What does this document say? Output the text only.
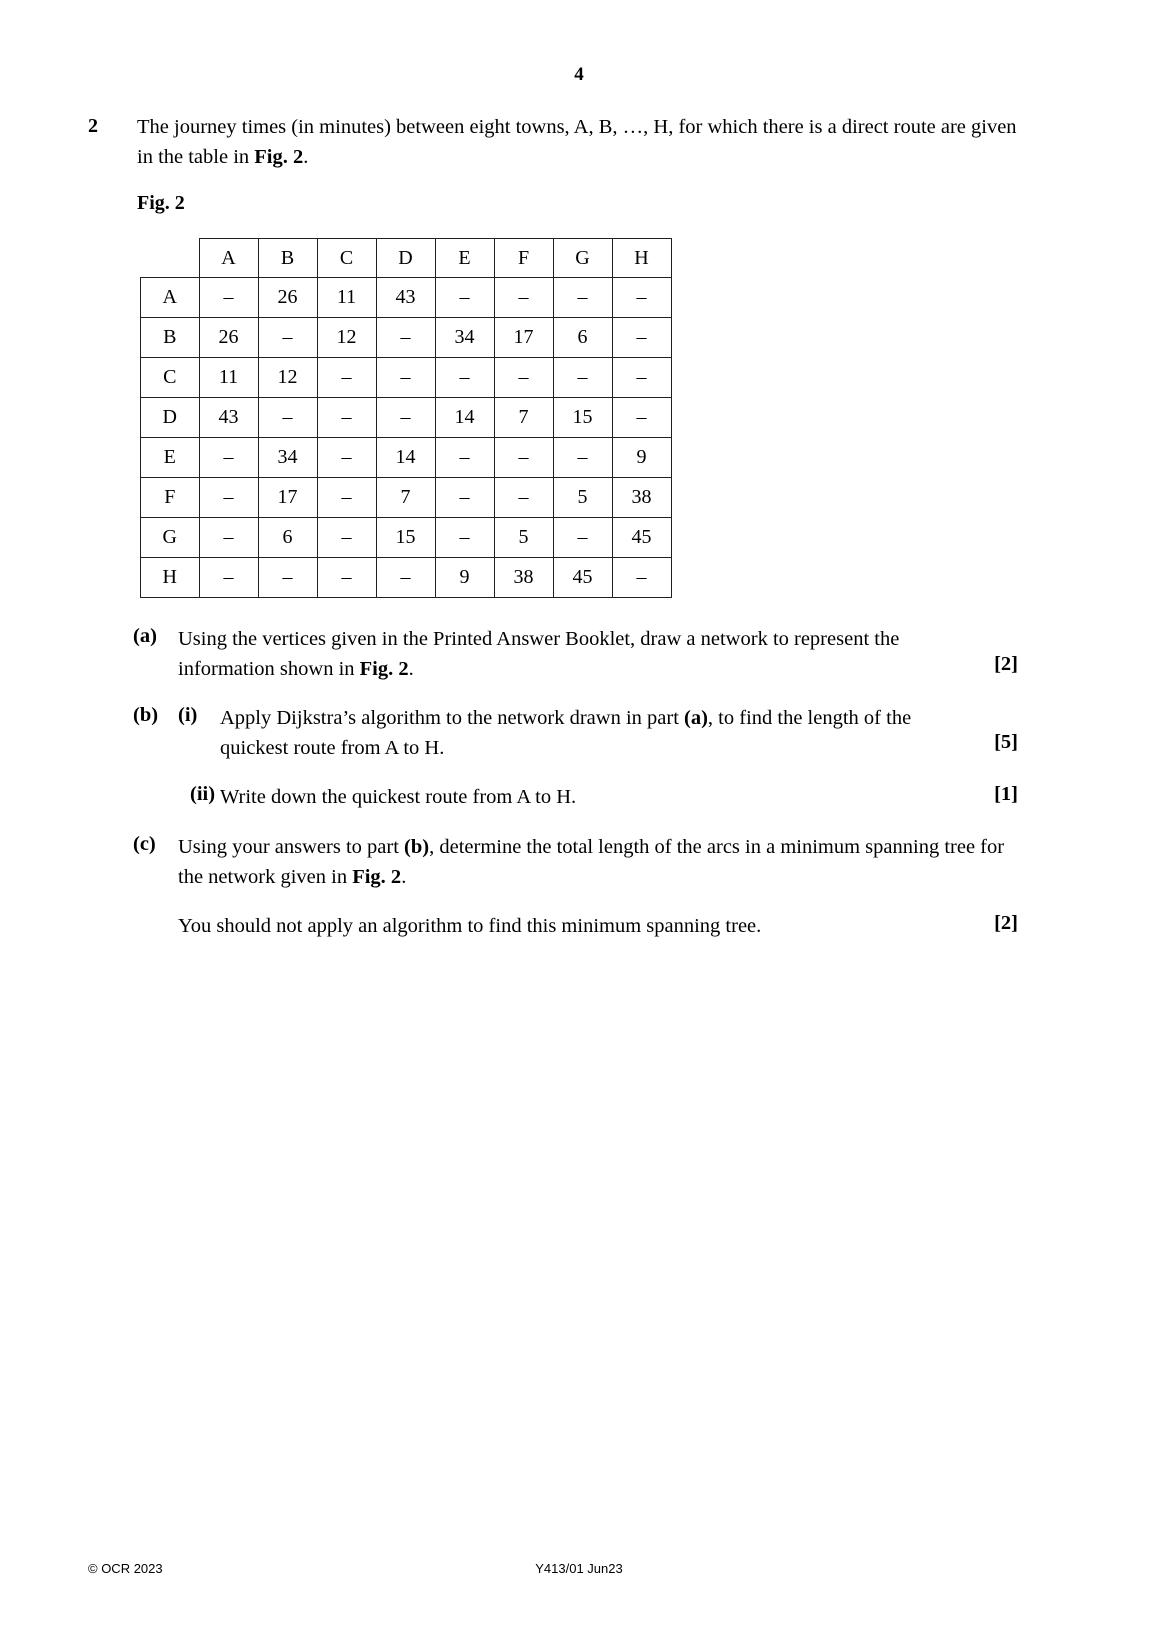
4
2 The journey times (in minutes) between eight towns, A, B, …, H, for which there is a direct route are given in the table in Fig. 2.
Fig. 2
	A	B	C	D	E	F	G	H
A	–	26	11	43	–	–	–	–
B	26	–	12	–	34	17	6	–
C	11	12	–	–	–	–	–	–
D	43	–	–	–	14	7	15	–
E	–	34	–	14	–	–	–	9
F	–	17	–	7	–	–	5	38
G	–	6	–	15	–	5	–	45
H	–	–	–	–	9	38	45	–
(a) Using the vertices given in the Printed Answer Booklet, draw a network to represent the information shown in Fig. 2.	[2]
(b) (i) Apply Dijkstra’s algorithm to the network drawn in part (a), to find the length of the quickest route from A to H.	[5]
(ii) Write down the quickest route from A to H.	[1]
(c) Using your answers to part (b), determine the total length of the arcs in a minimum spanning tree for the network given in Fig. 2.
You should not apply an algorithm to find this minimum spanning tree.	[2]
© OCR 2023	Y413/01 Jun23
